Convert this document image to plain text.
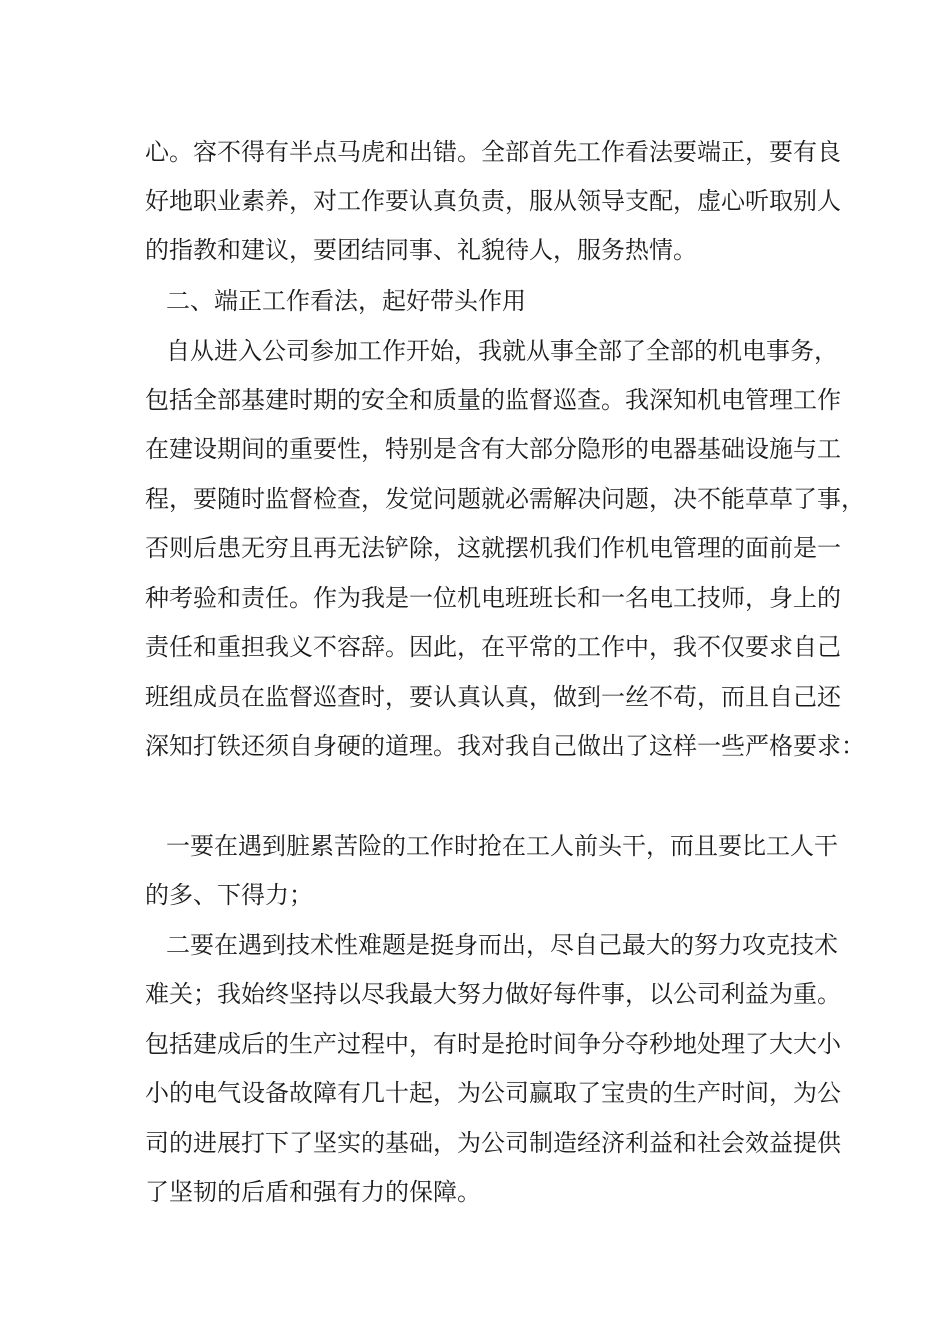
心。容不得有半点马虎和出错。全部首先工作看法要端正，要有良
好地职业素养，对工作要认真负责，服从领导支配，虚心听取别人
的指教和建议，要团结同事、礼貌待人，服务热情。
二、端正工作看法，起好带头作用
自从进入公司参加工作开始，我就从事全部了全部的机电事务，
包括全部基建时期的安全和质量的监督巡查。我深知机电管理工作
在建设期间的重要性，特别是含有大部分隐形的电器基础设施与工
程，要随时监督检查，发觉问题就必需解决问题，决不能草草了事，
否则后患无穷且再无法铲除，这就摆机我们作机电管理的面前是一
种考验和责任。作为我是一位机电班班长和一名电工技师，身上的
责任和重担我义不容辞。因此，在平常的工作中，我不仅要求自己
班组成员在监督巡查时，要认真认真，做到一丝不苟，而且自己还
深知打铁还须自身硬的道理。我对我自己做出了这样一些严格要求：
一要在遇到脏累苦险的工作时抢在工人前头干，而且要比工人干
的多、下得力；
二要在遇到技术性难题是挺身而出，尽自己最大的努力攻克技术
难关；我始终坚持以尽我最大努力做好每件事，以公司利益为重。
包括建成后的生产过程中，有时是抢时间争分夺秒地处理了大大小
小的电气设备故障有几十起，为公司赢取了宝贵的生产时间，为公
司的进展打下了坚实的基础，为公司制造经济利益和社会效益提供
了坚韧的后盾和强有力的保障。
